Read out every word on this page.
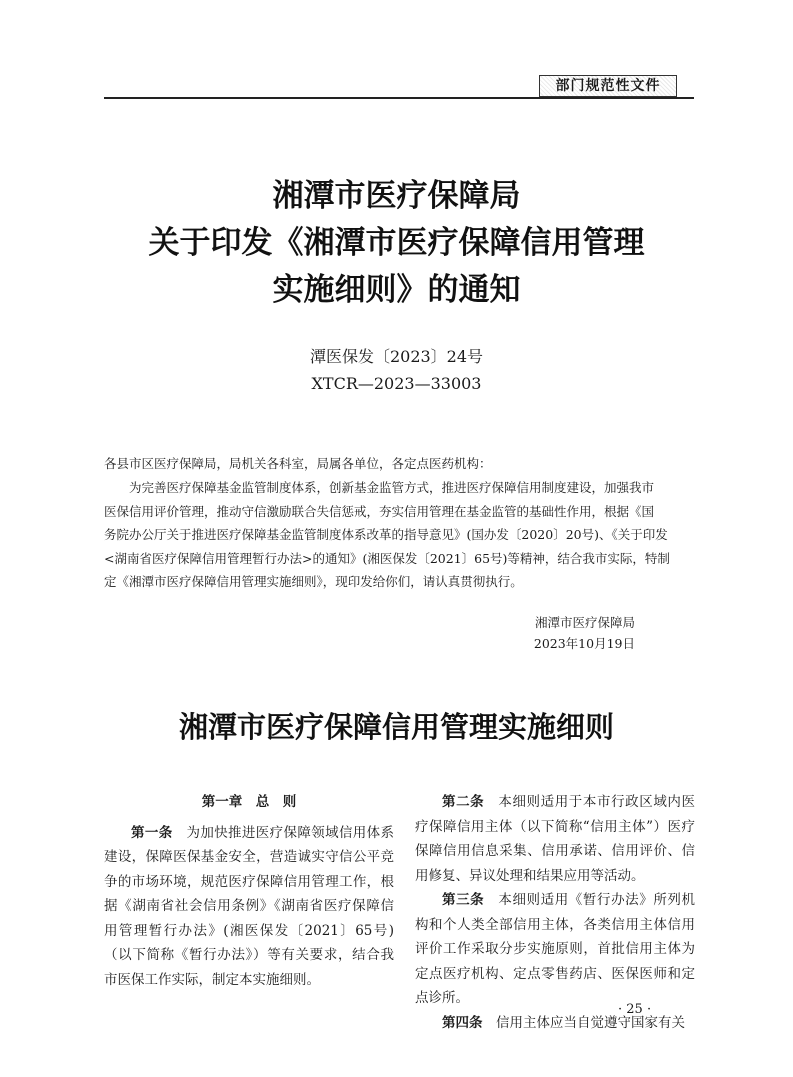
部门规范性文件
湘潭市医疗保障局
关于印发《湘潭市医疗保障信用管理
实施细则》的通知
潭医保发〔2023〕24号
XTCR—2023—33003
各县市区医疗保障局，局机关各科室，局属各单位，各定点医药机构：
为完善医疗保障基金监管制度体系，创新基金监管方式，推进医疗保障信用制度建设，加强我市
医保信用评价管理，推动守信激励联合失信惩戒，夯实信用管理在基金监管的基础性作用，根据《国
务院办公厅关于推进医疗保障基金监管制度体系改革的指导意见》(国办发〔2020〕20号)、《关于印发
<湖南省医疗保障信用管理暂行办法>的通知》(湘医保发〔2021〕65号)等精神，结合我市实际，特制
定《湘潭市医疗保障信用管理实施细则》，现印发给你们，请认真贯彻执行。
湘潭市医疗保障局
2023年10月19日
湘潭市医疗保障信用管理实施细则
第一章　总　则

第一条　 为加快推进医疗保障领域信用体系建设，保障医保基金安全，营造诚实守信公平竞争的市场环境，规范医疗保障信用管理工作，根据《湖南省社会信用条例》《湖南省医疗保障信用管理暂行办法》(湘医保发〔2021〕65号)（以下简称《暂行办法》）等有关要求，结合我市医保工作实际，制定本实施细则。

第二条　 本细则适用于本市行政区域内医疗保障信用主体（以下简称“信用主体”）医疗保障信用信息采集、信用承诺、信用评价、信用修复、异议处理和结果应用等活动。

第三条　 本细则适用《暂行办法》所列机构和个人类全部信用主体，各类信用主体信用评价工作采取分步实施原则，首批信用主体为定点医疗机构、定点零售药店、医保医师和定点诊所。

第四条　 信用主体应当自觉遵守国家有关

· 25 ·
